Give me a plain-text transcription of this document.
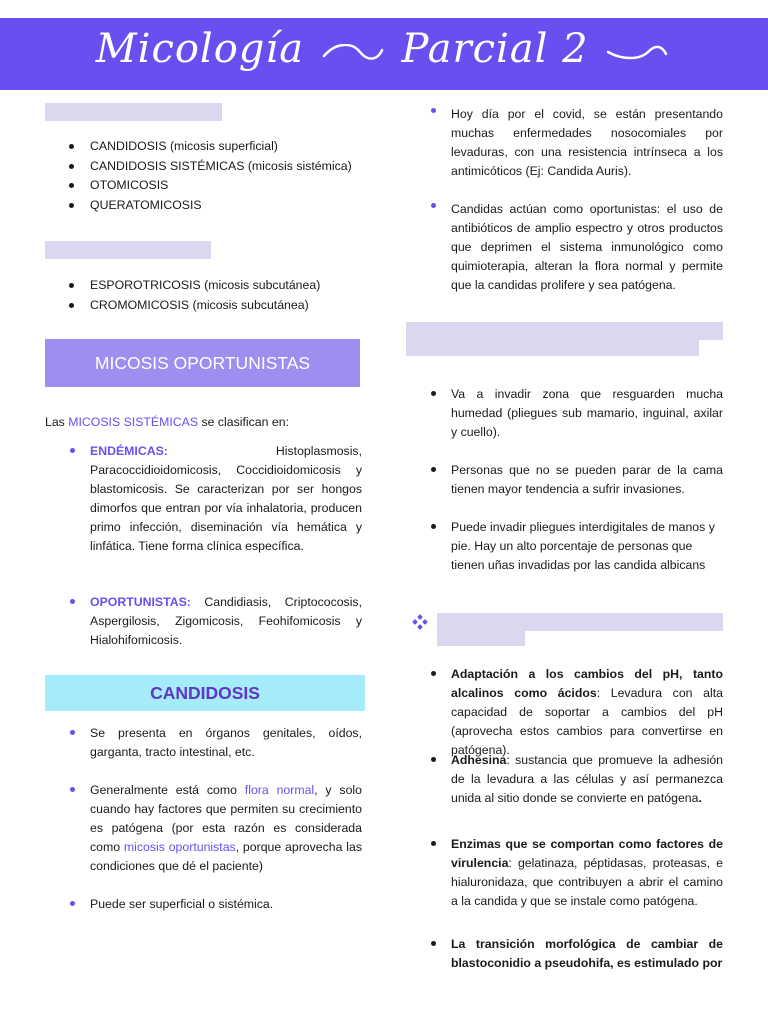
Micología Parcial 2
CANDIDOSIS (micosis superficial)
CANDIDOSIS SISTÉMICAS (micosis sistémica)
OTOMICOSIS
QUERATOMICOSIS
ESPOROTRICOSIS (micosis subcutánea)
CROMOMICOSIS (micosis subcutánea)
MICOSIS OPORTUNISTAS
Las MICOSIS SISTÉMICAS se clasifican en:
ENDÉMICAS:	Histoplasmosis, Paracoccidioidomicosis, Coccidioidomicosis y blastomicosis. Se caracterizan por ser hongos dimorfos que entran por vía inhalatoria, producen primo infección, diseminación vía hemática y linfática. Tiene forma clínica específica.
OPORTUNISTAS: Candidiasis, Criptococosis, Aspergilosis, Zigomicosis, Feohifomicosis y Hialohifomicosis.
CANDIDOSIS
Se presenta en órganos genitales, oídos, garganta, tracto intestinal, etc.
Generalmente está como flora normal, y solo cuando hay factores que permiten su crecimiento es patógena (por esta razón es considerada como micosis oportunistas, porque aprovecha las condiciones que dé el paciente)
Puede ser superficial o sistémica.
Hoy día por el covid, se están presentando muchas enfermedades nosocomiales por levaduras, con una resistencia intrínseca a los antimicóticos (Ej: Candida Auris).
Candidas actúan como oportunistas: el uso de antibióticos de amplio espectro y otros productos que deprimen el sistema inmunológico como quimioterapia, alteran la flora normal y permite que la candidas prolifere y sea patógena.
Va a invadir zona que resguarden mucha humedad (pliegues sub mamario, inguinal, axilar y cuello).
Personas que no se pueden parar de la cama tienen mayor tendencia a sufrir invasiones.
Puede invadir pliegues interdigitales de manos y pie. Hay un alto porcentaje de personas que tienen uñas invadidas por las candida albicans
Adaptación a los cambios del pH, tanto alcalinos como ácidos: Levadura con alta capacidad de soportar a cambios del pH (aprovecha estos cambios para convertirse en patógena).
Adhesina: sustancia que promueve la adhesión de la levadura a las células y así permanezca unida al sitio donde se convierte en patógena.
Enzimas que se comportan como factores de virulencia: gelatinaza, péptidasas, proteasas, e hialuronidaza, que contribuyen a abrir el camino a la candida y que se instale como patógena.
La transición morfológica de cambiar de blastoconidio a pseudohifa, es estimulado por
